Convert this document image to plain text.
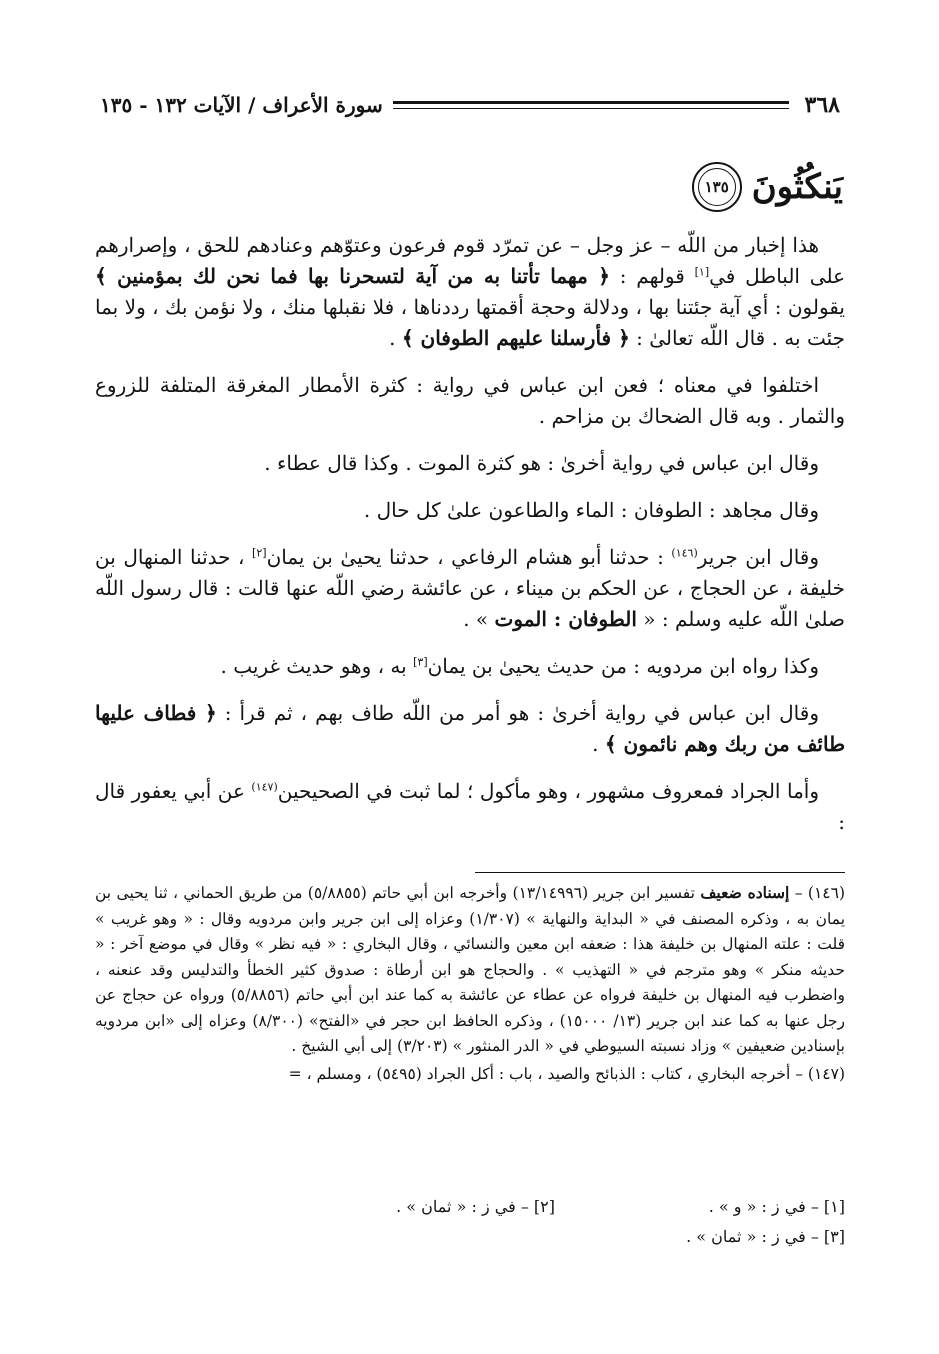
٣٦٨
سورة الأعراف / الآيات ١٣٢ - ١٣٥
يَنكُثُونَ
١٣٥

هذا إخبار من اللّه – عز وجل – عن تمرّد قوم فرعون وعتوّهم وعنادهم للحق ، وإصرارهم على الباطل في[١] قولهم : ﴿ مهما تأتنا به من آية لتسحرنا بها فما نحن لك بمؤمنين ﴾ يقولون : أي آية جئتنا بها ، ودلالة وحجة أقمتها رددناها ، فلا نقبلها منك ، ولا نؤمن بك ، ولا بما جئت به . قال اللّه تعالىٰ : ﴿ فأرسلنا عليهم الطوفان ﴾ .

اختلفوا في معناه ؛ فعن ابن عباس في رواية : كثرة الأمطار المغرقة المتلفة للزروع والثمار . وبه قال الضحاك بن مزاحم .

وقال ابن عباس في رواية أخرىٰ : هو كثرة الموت . وكذا قال عطاء .

وقال مجاهد : الطوفان : الماء والطاعون علىٰ كل حال .

وقال ابن جرير$^{(١٤٦)}$ : حدثنا أبو هشام الرفاعي ، حدثنا يحيىٰ بن يمان[٢] ، حدثنا المنهال بن خليفة ، عن الحجاج ، عن الحكم بن ميناء ، عن عائشة رضي اللّه عنها قالت : قال رسول اللّه صلىٰ اللّه عليه وسلم : « الطوفان : الموت » .

وكذا رواه ابن مردويه : من حديث يحيىٰ بن يمان[٣] به ، وهو حديث غريب .

وقال ابن عباس في رواية أخرىٰ : هو أمر من اللّه طاف بهم ، ثم قرأ : ﴿ فطاف عليها طائف من ربك وهم نائمون ﴾ .

وأما الجراد فمعروف مشهور ، وهو مأكول ؛ لما ثبت في الصحيحين$^{(١٤٧)}$ عن أبي يعفور قال :

(١٤٦) – إسناده ضعيف تفسير ابن جرير (١٣/١٤٩٩٦) وأخرجه ابن أبي حاتم (٥/٨٨٥٥) من طريق الحماني ، ثنا يحيى بن يمان به ، وذكره المصنف في « البداية والنهاية » (١/٣٠٧) وعزاه إلى ابن جرير وابن مردويه وقال : « وهو غريب » قلت : علته المنهال بن خليفة هذا : ضعفه ابن معين والنسائي ، وقال البخاري : « فيه نظر » وقال في موضع آخر : « حديثه منكر » وهو مترجم في « التهذيب » . والحجاج هو ابن أرطاة : صدوق كثير الخطأ والتدليس وقد عنعنه ، واضطرب فيه المنهال بن خليفة فرواه عن عطاء عن عائشة به كما عند ابن أبي حاتم (٥/٨٨٥٦) ورواه عن حجاج عن رجل عنها به كما عند ابن جرير (١٣/ ١٥٠٠٠) ، وذكره الحافظ ابن حجر في «الفتح» (٨/٣٠٠) وعزاه إلى «ابن مردويه بإسنادين ضعيفين » وزاد نسبته السيوطي في « الدر المنثور » (٣/٢٠٣) إلى أبي الشيخ .

(١٤٧) – أخرجه البخاري ، كتاب : الذبائح والصيد ، باب : أكل الجراد (٥٤٩٥) ، ومسلم ، =

[١] – في ز : « و » .
[٢] – في ز : « ثمان » .
[٣] – في ز : « ثمان » .
